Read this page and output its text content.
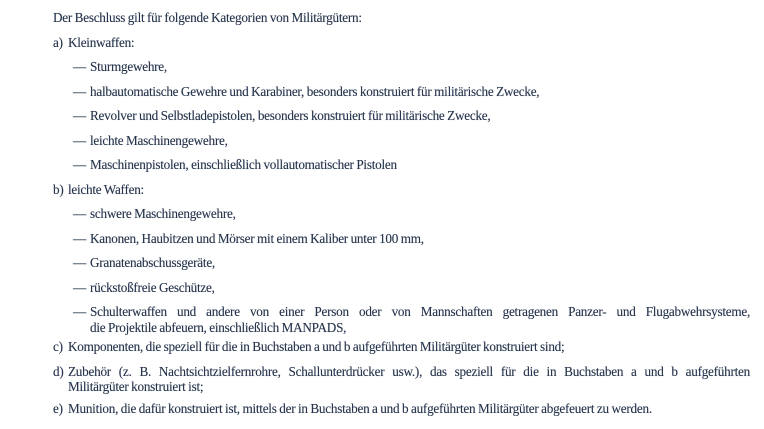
Der Beschluss gilt für folgende Kategorien von Militärgütern:
a) Kleinwaffen:
— Sturmgewehre,
— halbautomatische Gewehre und Karabiner, besonders konstruiert für militärische Zwecke,
— Revolver und Selbstladepistolen, besonders konstruiert für militärische Zwecke,
— leichte Maschinengewehre,
— Maschinenpistolen, einschließlich vollautomatischer Pistolen
b) leichte Waffen:
— schwere Maschinengewehre,
— Kanonen, Haubitzen und Mörser mit einem Kaliber unter 100 mm,
— Granatenabschussgeräte,
— rückstoßfreie Geschütze,
— Schulterwaffen und andere von einer Person oder von Mannschaften getragenen Panzer- und Flugabwehrsysteme,
die Projektile abfeuern, einschließlich MANPADS,
c) Komponenten, die speziell für die in Buchstaben a und b aufgeführten Militärgüter konstruiert sind;
d) Zubehör (z. B. Nachtsichtzielfernrohre, Schallunterdrücker usw.), das speziell für die in Buchstaben a und b aufgeführten
Militärgüter konstruiert ist;
e) Munition, die dafür konstruiert ist, mittels der in Buchstaben a und b aufgeführten Militärgüter abgefeuert zu werden.
